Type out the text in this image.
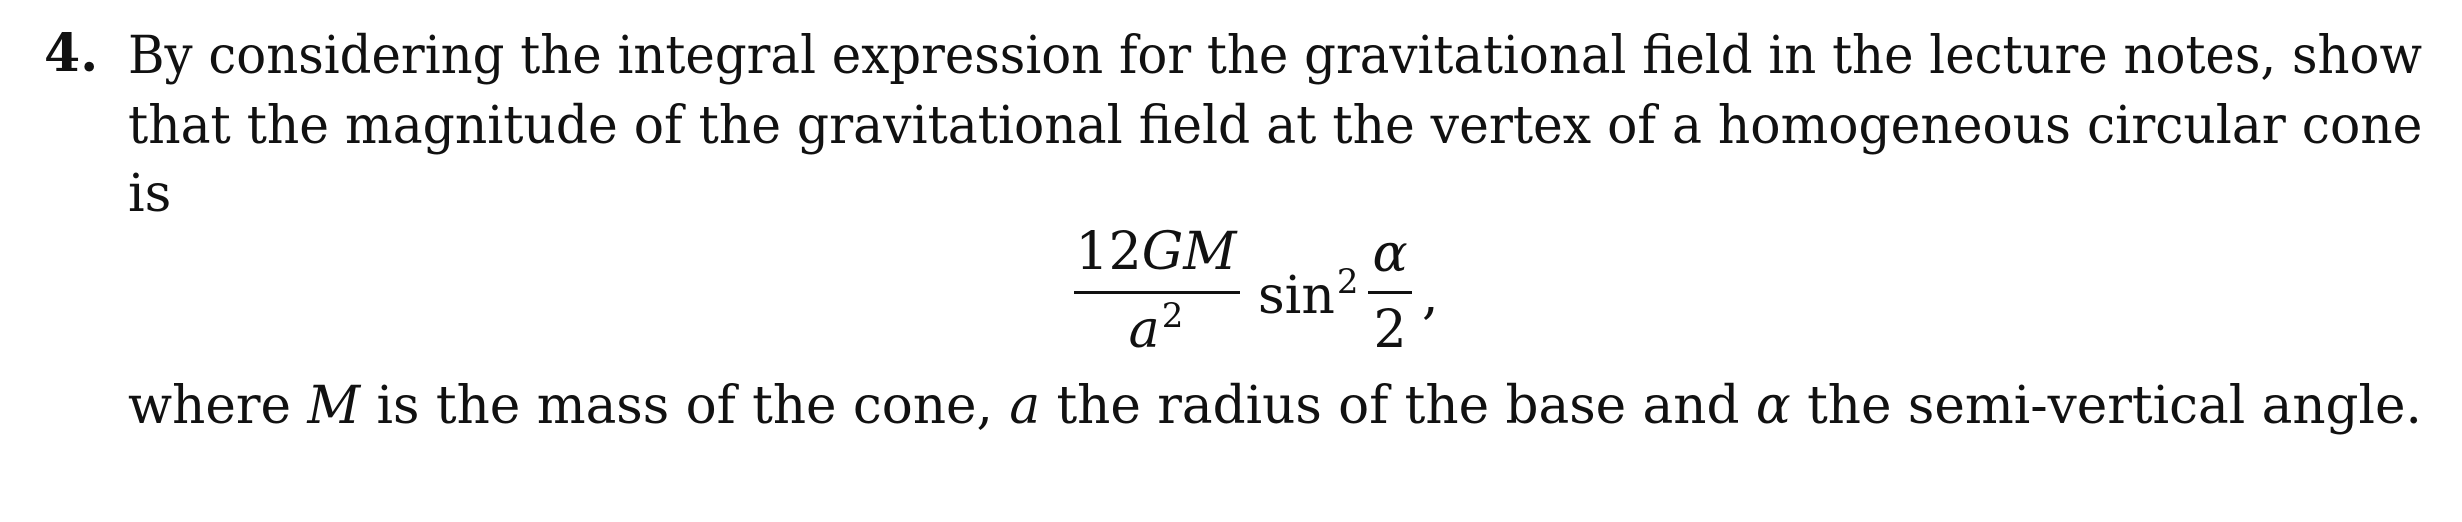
4. By considering the integral expression for the gravitational field in the lecture notes, show
that the magnitude of the gravitational field at the vertex of a homogeneous circular cone
is
12GM
$a^2$	$\sin^2 \alpha$
2
,
where M is the mass of the cone, a the radius of the base and α the semi-vertical angle.
